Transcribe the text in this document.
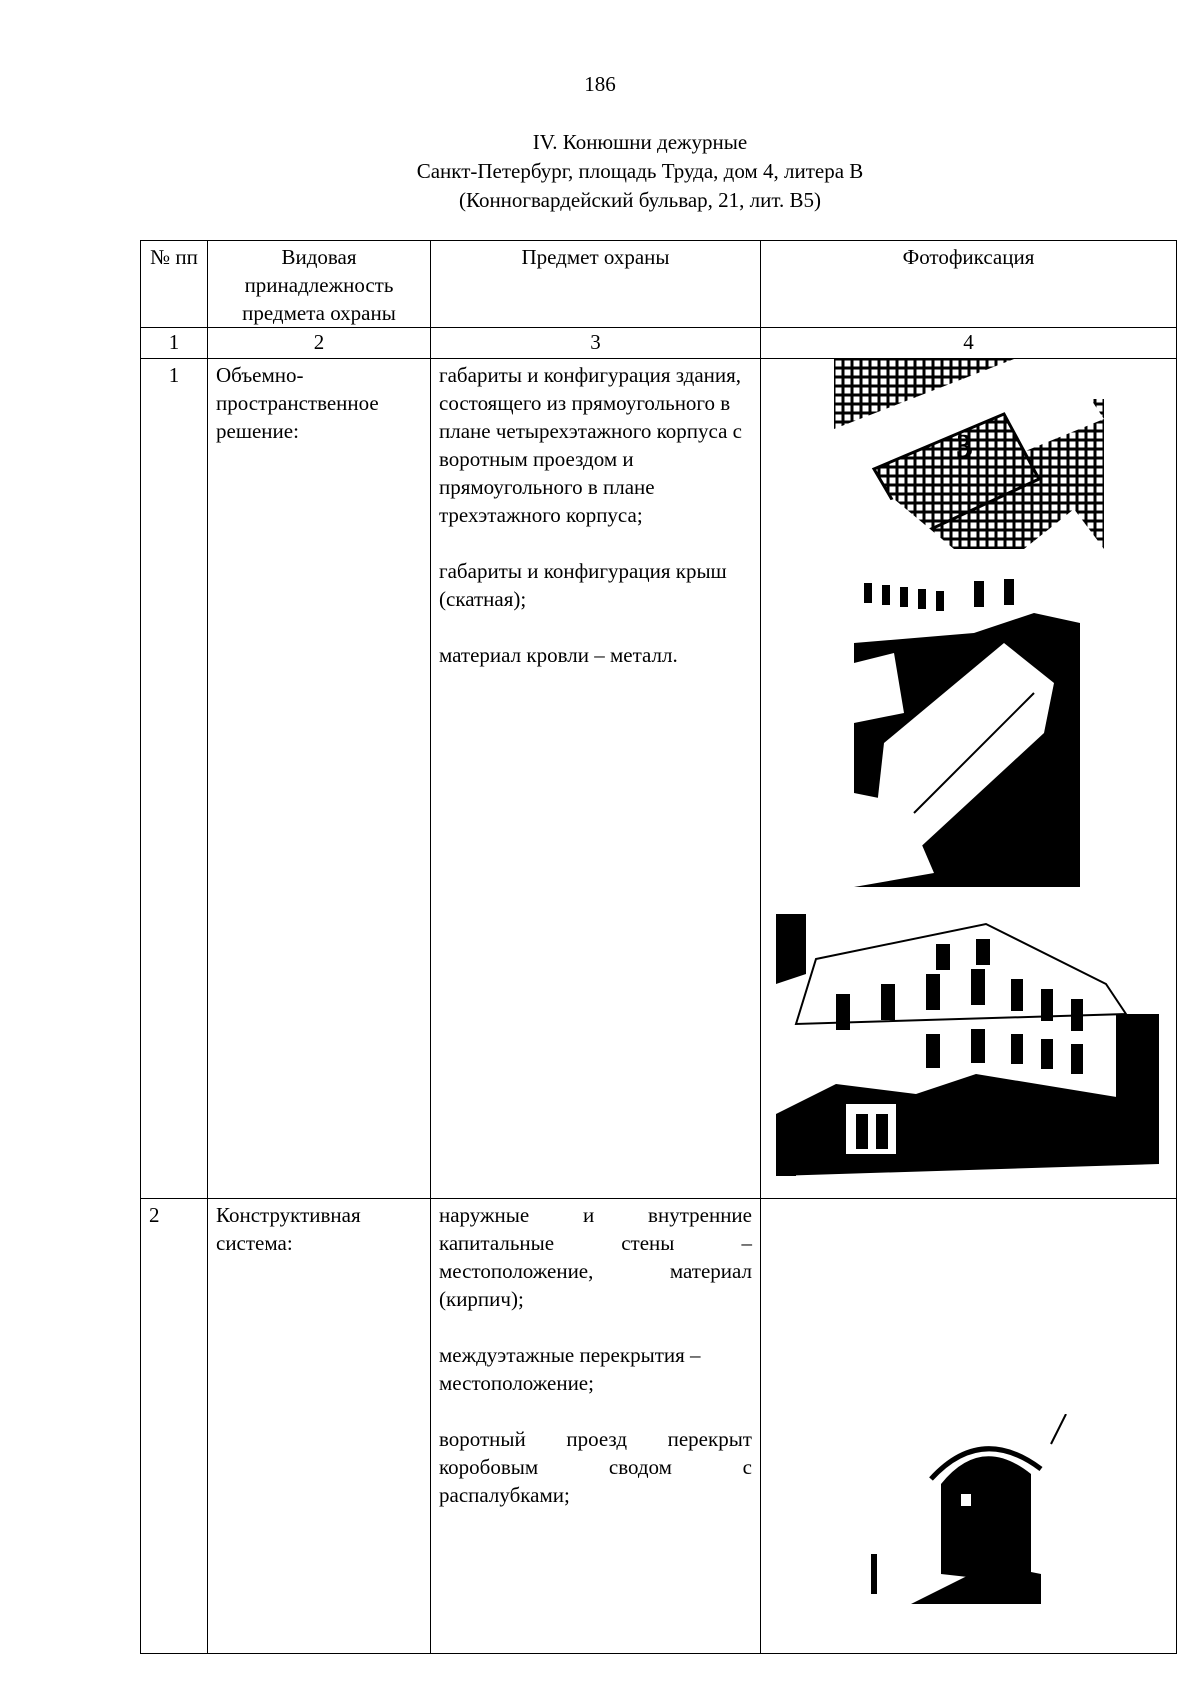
186
IV. Конюшни дежурные
Санкт-Петербург, площадь Труда, дом 4, литера В
(Конногвардейский бульвар, 21, лит. В5)
№ пп	Видовая принадлежность предмета охраны	Предмет охраны	Фотофиксация
1	2	3	4
1	Объемно-пространственное решение:	габариты и конфигурация здания, состоящего из прямоугольного в плане четырехэтажного корпуса с воротным проездом и прямоугольного в плане трехэтажного корпуса;
габариты и конфигурация крыш (скатная);
материал кровли – металл.	3

2	Конструктивная система:	наружные и внутренние капитальные стены – местоположение, материал (кирпич);
междуэтажные перекрытия – местоположение;
воротный проезд перекрыт коробовым сводом с распалубками;
